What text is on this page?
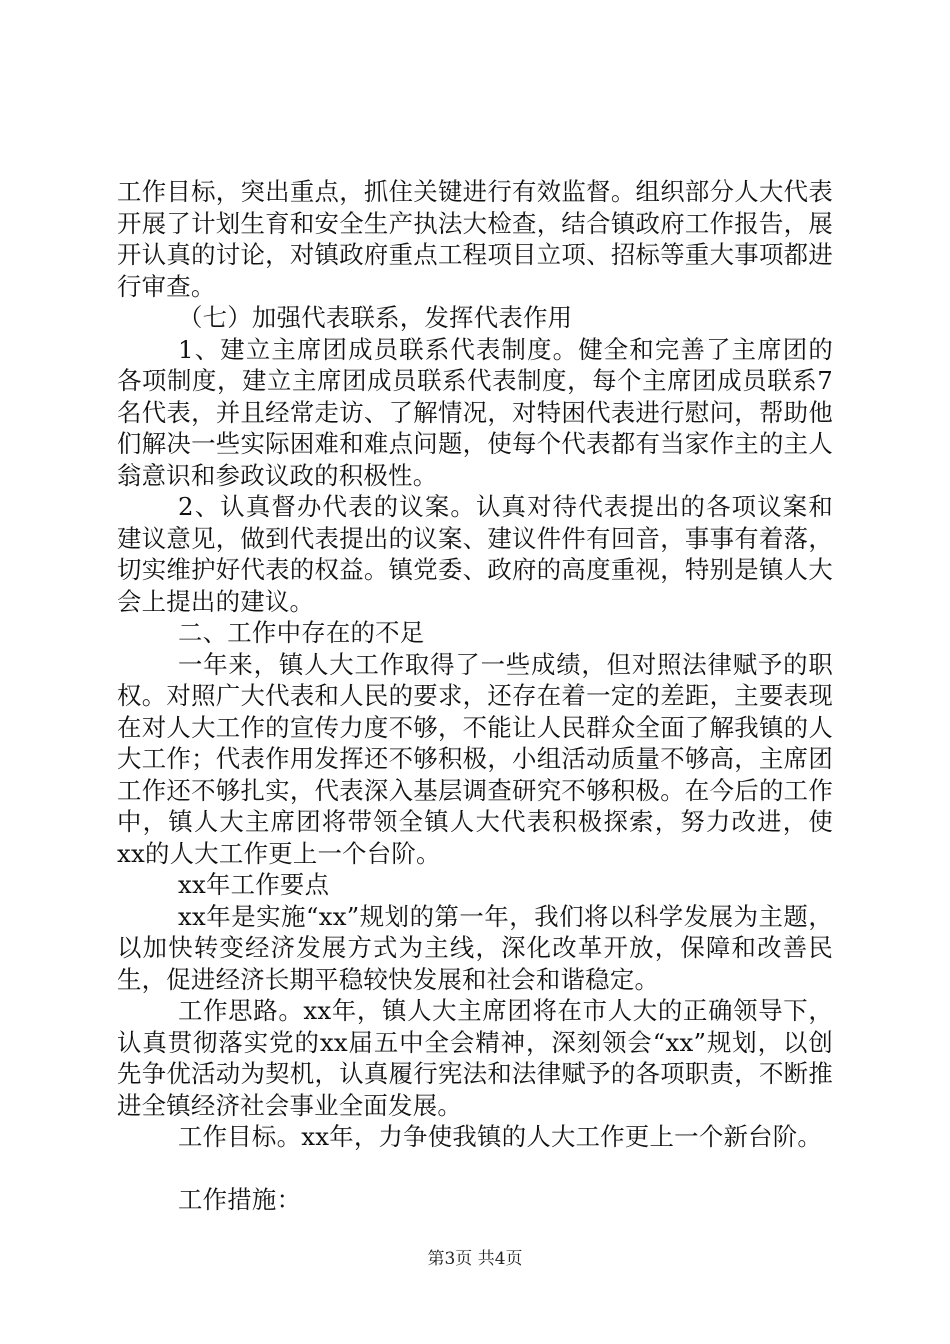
工作目标，突出重点，抓住关键进行有效监督。组织部分人大代表开展了计划生育和安全生产执法大检查，结合镇政府工作报告，展开认真的讨论，对镇政府重点工程项目立项、招标等重大事项都进行审查。

（七）加强代表联系，发挥代表作用

1、建立主席团成员联系代表制度。健全和完善了主席团的各项制度，建立主席团成员联系代表制度，每个主席团成员联系7名代表，并且经常走访、了解情况，对特困代表进行慰问，帮助他们解决一些实际困难和难点问题，使每个代表都有当家作主的主人翁意识和参政议政的积极性。

2、认真督办代表的议案。认真对待代表提出的各项议案和建议意见，做到代表提出的议案、建议件件有回音，事事有着落，切实维护好代表的权益。镇党委、政府的高度重视，特别是镇人大会上提出的建议。

二、工作中存在的不足

一年来，镇人大工作取得了一些成绩，但对照法律赋予的职权。对照广大代表和人民的要求，还存在着一定的差距，主要表现在对人大工作的宣传力度不够，不能让人民群众全面了解我镇的人大工作；代表作用发挥还不够积极，小组活动质量不够高，主席团工作还不够扎实，代表深入基层调查研究不够积极。在今后的工作中，镇人大主席团将带领全镇人大代表积极探索，努力改进，使xx的人大工作更上一个台阶。

xx年工作要点

xx年是实施“xx”规划的第一年，我们将以科学发展为主题，以加快转变经济发展方式为主线，深化改革开放，保障和改善民生，促进经济长期平稳较快发展和社会和谐稳定。

工作思路。xx年，镇人大主席团将在市人大的正确领导下，认真贯彻落实党的xx届五中全会精神，深刻领会“xx”规划，以创先争优活动为契机，认真履行宪法和法律赋予的各项职责，不断推进全镇经济社会事业全面发展。

工作目标。xx年，力争使我镇的人大工作更上一个新台阶。

工作措施：

第3页 共4页
